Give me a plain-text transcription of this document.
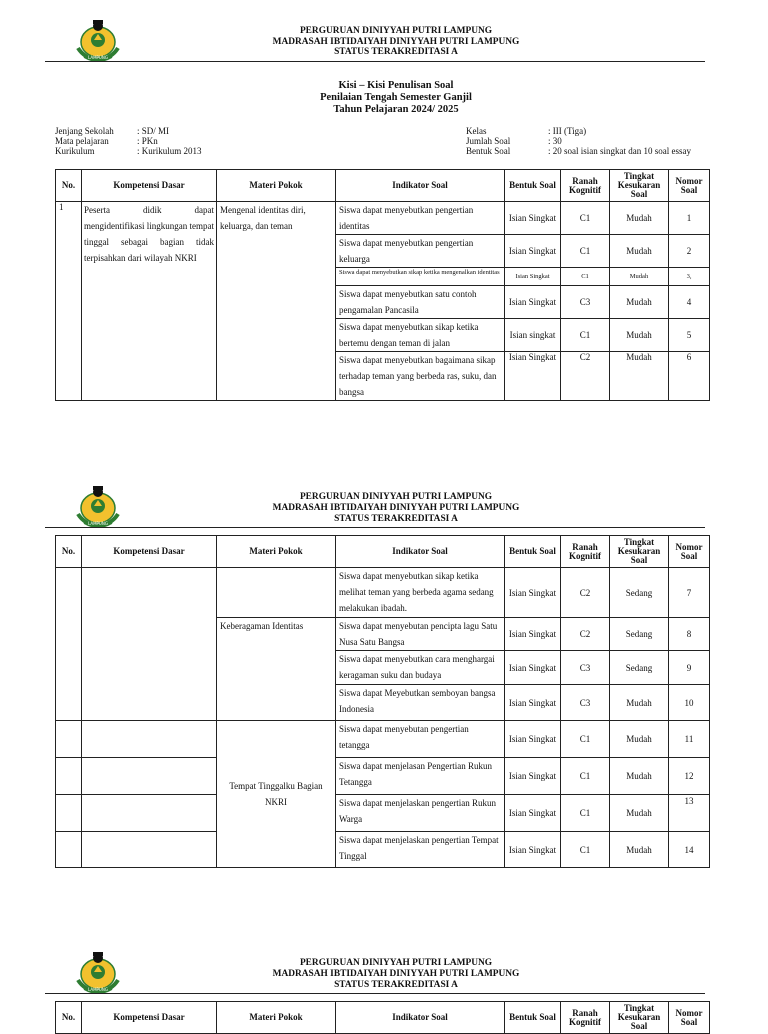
LAMPUNG
PERGURUAN DINIYYAH PUTRI LAMPUNG
MADRASAH IBTIDAIYAH DINIYYAH PUTRI LAMPUNG
STATUS TERAKREDITASI A
Kisi – Kisi Penulisan Soal
Penilaian Tengah Semester Ganjil
Tahun Pelajaran 2024/ 2025
Jenjang Sekolah	: SD/ MI
Mata pelajaran	: PKn
Kurikulum	: Kurikulum 2013
Kelas	: III (Tiga)
Jumlah Soal	: 30
Bentuk Soal	: 20 soal isian singkat dan 10 soal essay
No.	Kompetensi Dasar	Materi Pokok	Indikator Soal	Bentuk Soal	Ranah Kognitif	Tingkat Kesukaran Soal	Nomor Soal
1	Peserta didik dapat mengidentifikasi lingkungan tempat tinggal sebagai bagian tidak terpisahkan dari wilayah NKRI	Mengenal identitas diri, keluarga, dan teman	Siswa dapat menyebutkan pengertian identitas	Isian Singkat	C1	Mudah	1
			Siswa dapat menyebutkan pengertian keluarga	Isian Singkat	C1	Mudah	2
			Siswa dapat menyebutkan sikap ketika mengenalkan identitas	Isian Singkat	C1	Mudah	3,
			Siswa dapat menyebutkan satu contoh pengamalan Pancasila	Isian Singkat	C3	Mudah	4
			Siswa dapat menyebutkan sikap ketika bertemu dengan teman di jalan	Isian singkat	C1	Mudah	5
			Siswa dapat menyebutkan bagaimana sikap terhadap teman yang berbeda ras, suku, dan bangsa	Isian Singkat	C2	Mudah	6
LAMPUNG
PERGURUAN DINIYYAH PUTRI LAMPUNG
MADRASAH IBTIDAIYAH DINIYYAH PUTRI LAMPUNG
STATUS TERAKREDITASI A
No.	Kompetensi Dasar	Materi Pokok	Indikator Soal	Bentuk Soal	Ranah Kognitif	Tingkat Kesukaran Soal	Nomor Soal
			Siswa dapat menyebutkan sikap ketika melihat teman yang berbeda agama sedang melakukan ibadah.	Isian Singkat	C2	Sedang	7
		Keberagaman Identitas	Siswa dapat menyebutan pencipta lagu Satu Nusa Satu Bangsa	Isian Singkat	C2	Sedang	8
			Siswa dapat menyebutkan cara menghargai keragaman suku dan budaya	Isian Singkat	C3	Sedang	9
			Siswa dapat Meyebutkan semboyan bangsa Indonesia	Isian Singkat	C3	Mudah	10
		Tempat Tinggalku Bagian NKRI	Siswa dapat menyebutan pengertian tetangga	Isian Singkat	C1	Mudah	11
			Siswa dapat menjelasan Pengertian Rukun Tetangga	Isian Singkat	C1	Mudah	12
			Siswa dapat menjelaskan pengertian Rukun Warga	Isian Singkat	C1	Mudah	13
			Siswa dapat menjelaskan pengertian Tempat Tinggal	Isian Singkat	C1	Mudah	14
LAMPUNG
PERGURUAN DINIYYAH PUTRI LAMPUNG
MADRASAH IBTIDAIYAH DINIYYAH PUTRI LAMPUNG
STATUS TERAKREDITASI A
No.	Kompetensi Dasar	Materi Pokok	Indikator Soal	Bentuk Soal	Ranah Kognitif	Tingkat Kesukaran Soal	Nomor Soal
